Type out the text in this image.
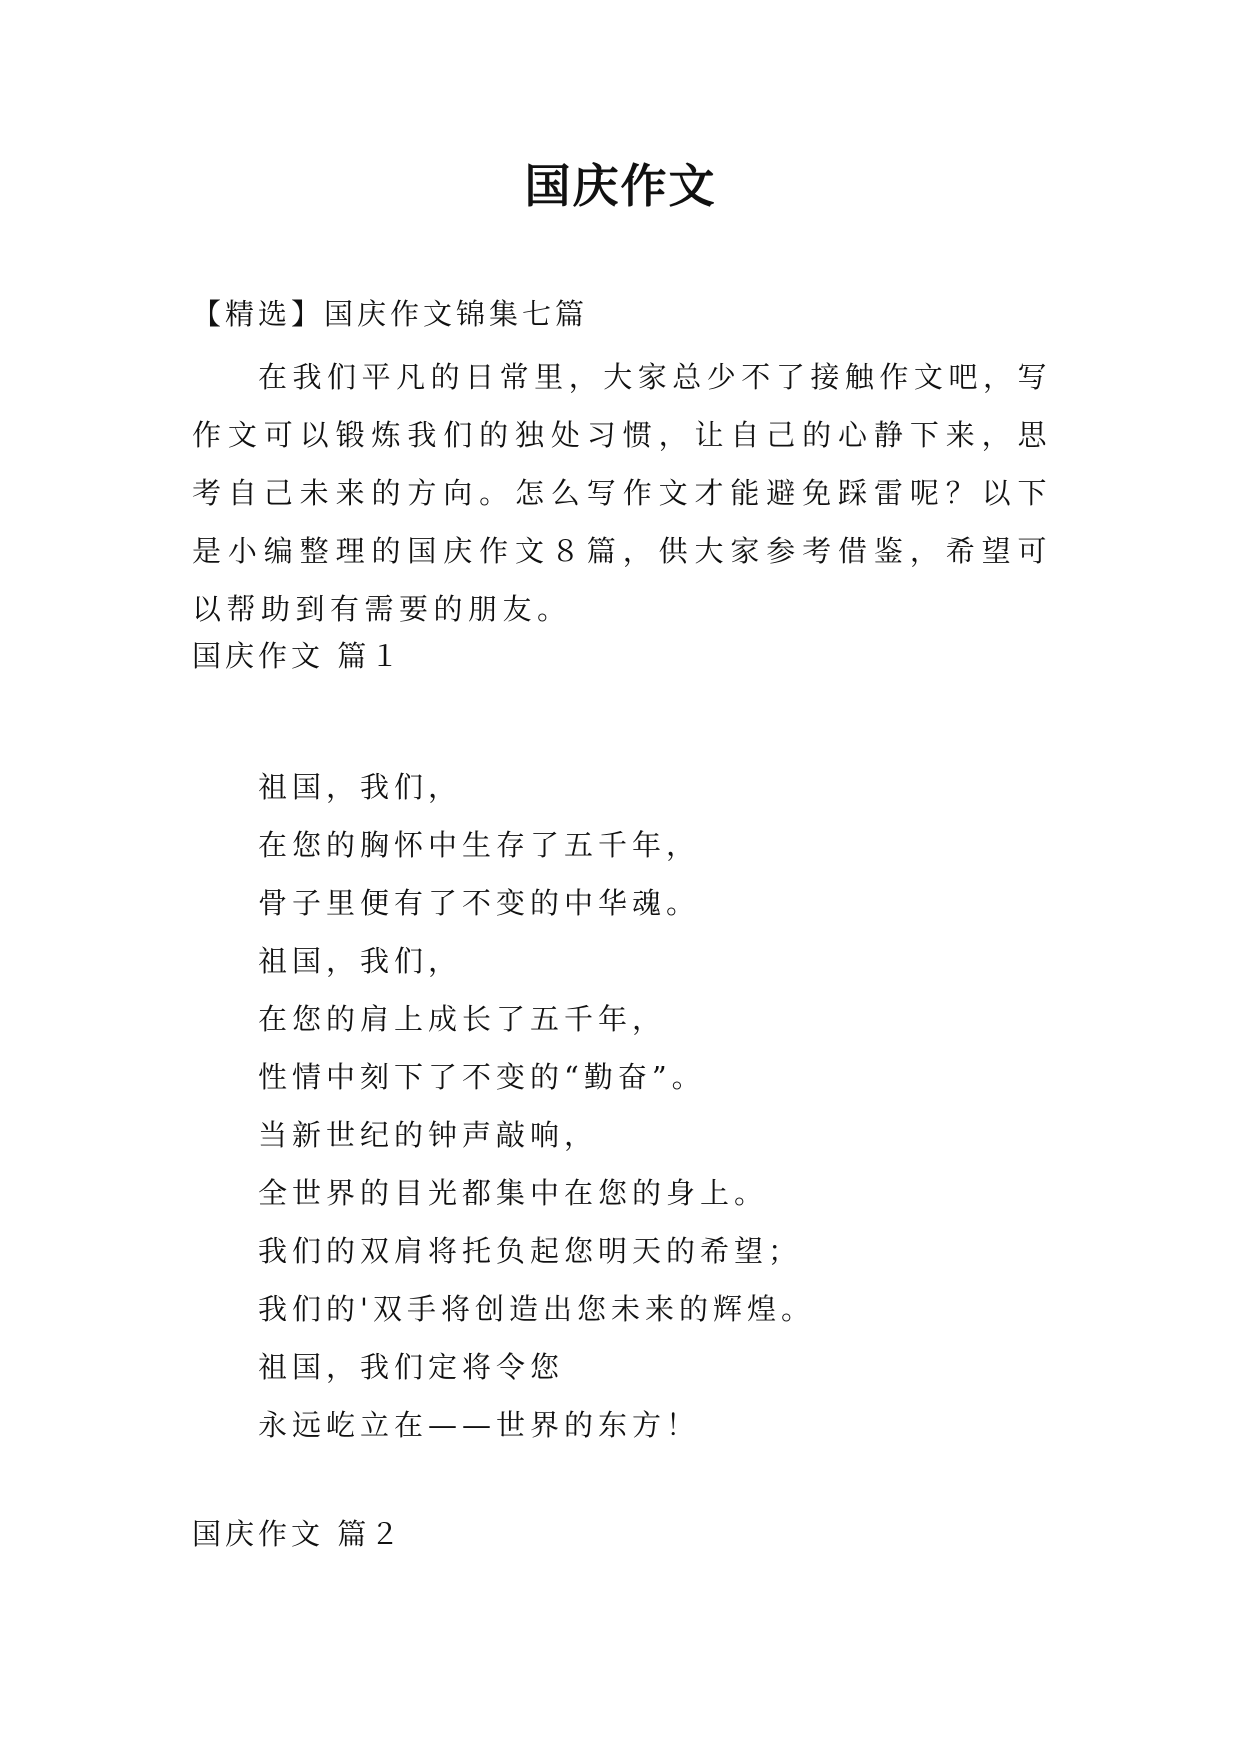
国庆作文
【精选】国庆作文锦集七篇

在我们平凡的日常里，大家总少不了接触作文吧，写作文可以锻炼我们的独处习惯，让自己的心静下来，思考自己未来的方向。怎么写作文才能避免踩雷呢？以下是小编整理的国庆作文８篇，供大家参考借鉴，希望可以帮助到有需要的朋友。

国庆作文 篇１
祖国，我们，
在您的胸怀中生存了五千年，
骨子里便有了不变的中华魂。
祖国，我们，
在您的肩上成长了五千年，
性情中刻下了不变的“勤奋”。
当新世纪的钟声敲响，
全世界的目光都集中在您的身上。
我们的双肩将托负起您明天的希望；
我们的'双手将创造出您未来的辉煌。
祖国，我们定将令您
永远屹立在——世界的东方！
国庆作文 篇２
